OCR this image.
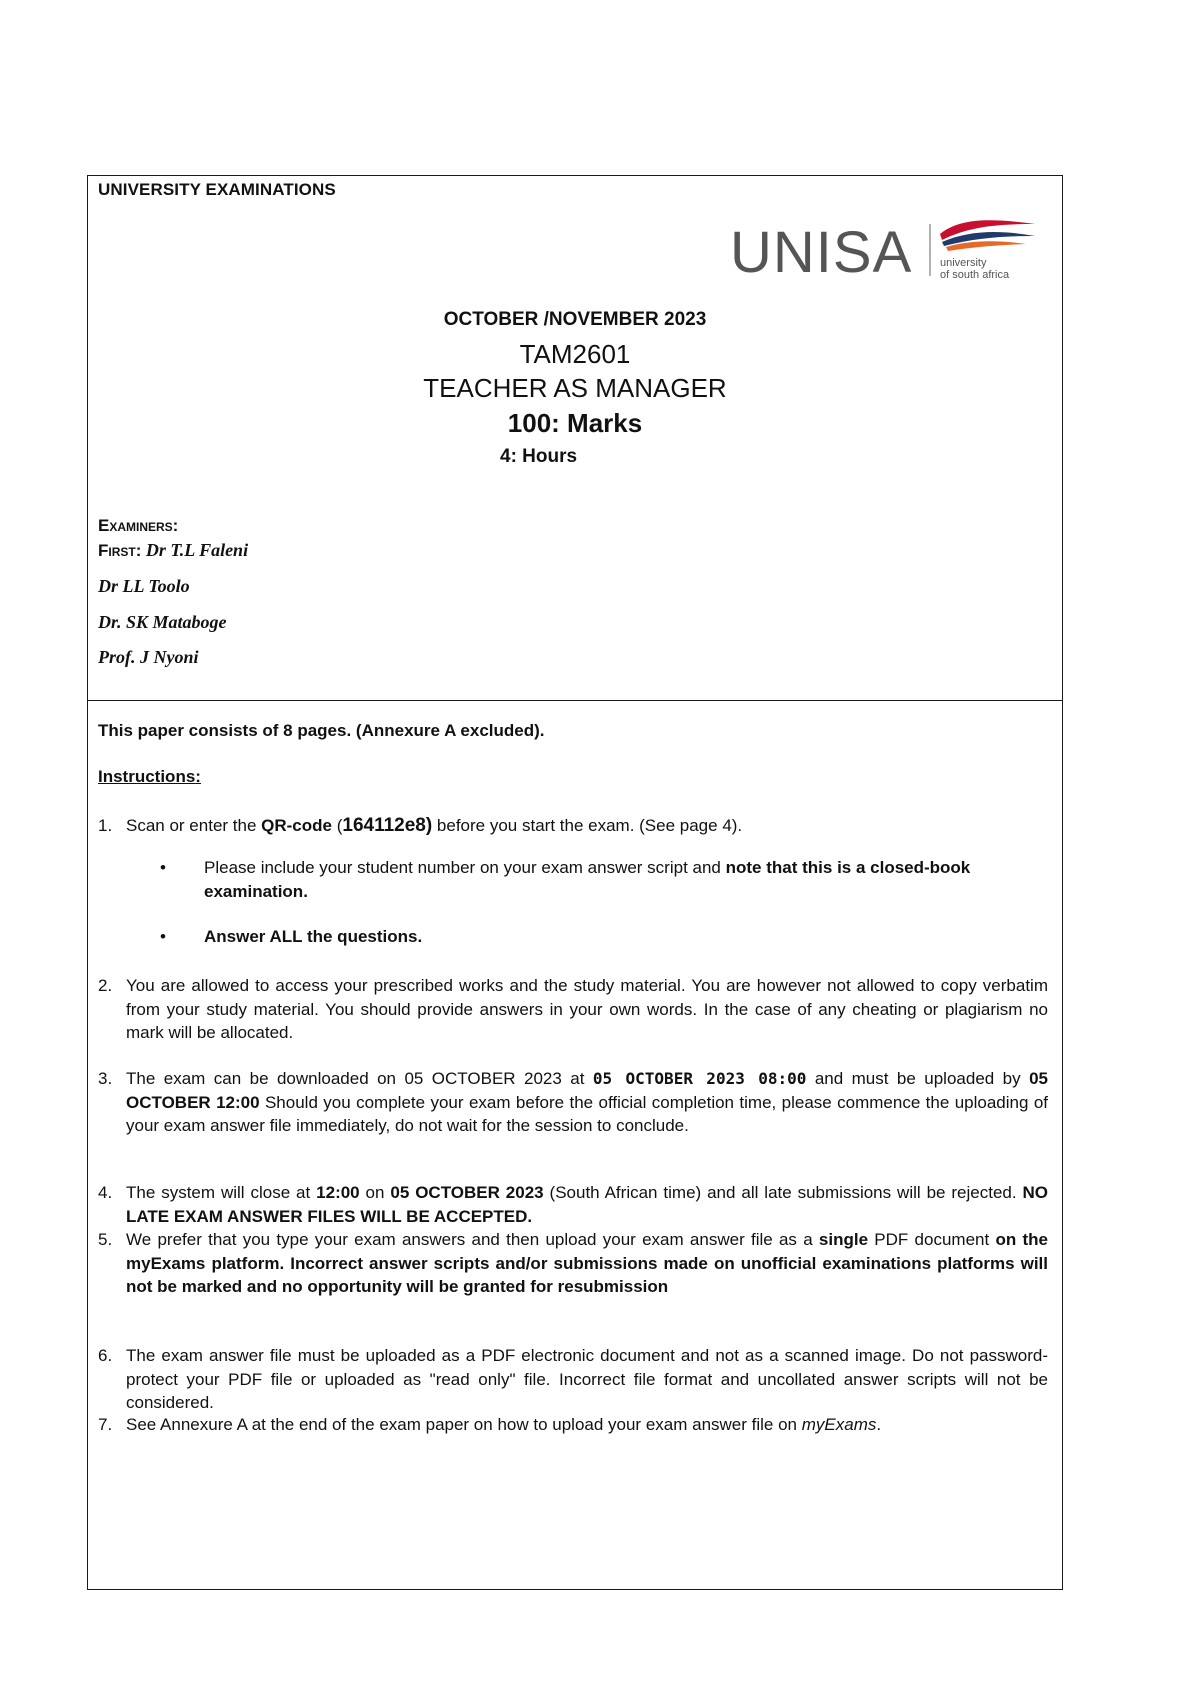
UNIVERSITY EXAMINATIONS
UNISA	university
of south africa
OCTOBER /NOVEMBER 2023
TAM2601
TEACHER AS MANAGER
100: Marks
4: Hours
Examiners:
First: Dr T.L Faleni
Dr LL Toolo
Dr. SK Mataboge
Prof. J Nyoni
This paper consists of 8 pages. (Annexure A excluded).
Instructions:
1. Scan or enter the QR-code (164112e8) before you start the exam. (See page 4).
• Please include your student number on your exam answer script and note that this is a closed-book examination.
• Answer ALL the questions.
2. You are allowed to access your prescribed works and the study material. You are however not allowed to copy verbatim from your study material. You should provide answers in your own words. In the case of any cheating or plagiarism no mark will be allocated.
3. The exam can be downloaded on 05 OCTOBER 2023 at 05 OCTOBER 2023 08:00 and must be uploaded by 05 OCTOBER 12:00 Should you complete your exam before the official completion time, please commence the uploading of your exam answer file immediately, do not wait for the session to conclude.
4. The system will close at 12:00 on 05 OCTOBER 2023 (South African time) and all late submissions will be rejected. NO LATE EXAM ANSWER FILES WILL BE ACCEPTED.
5. We prefer that you type your exam answers and then upload your exam answer file as a single PDF document on the myExams platform. Incorrect answer scripts and/or submissions made on unofficial examinations platforms will not be marked and no opportunity will be granted for resubmission
6. The exam answer file must be uploaded as a PDF electronic document and not as a scanned image. Do not password-protect your PDF file or uploaded as "read only" file. Incorrect file format and uncollated answer scripts will not be considered.
7. See Annexure A at the end of the exam paper on how to upload your exam answer file on myExams.
